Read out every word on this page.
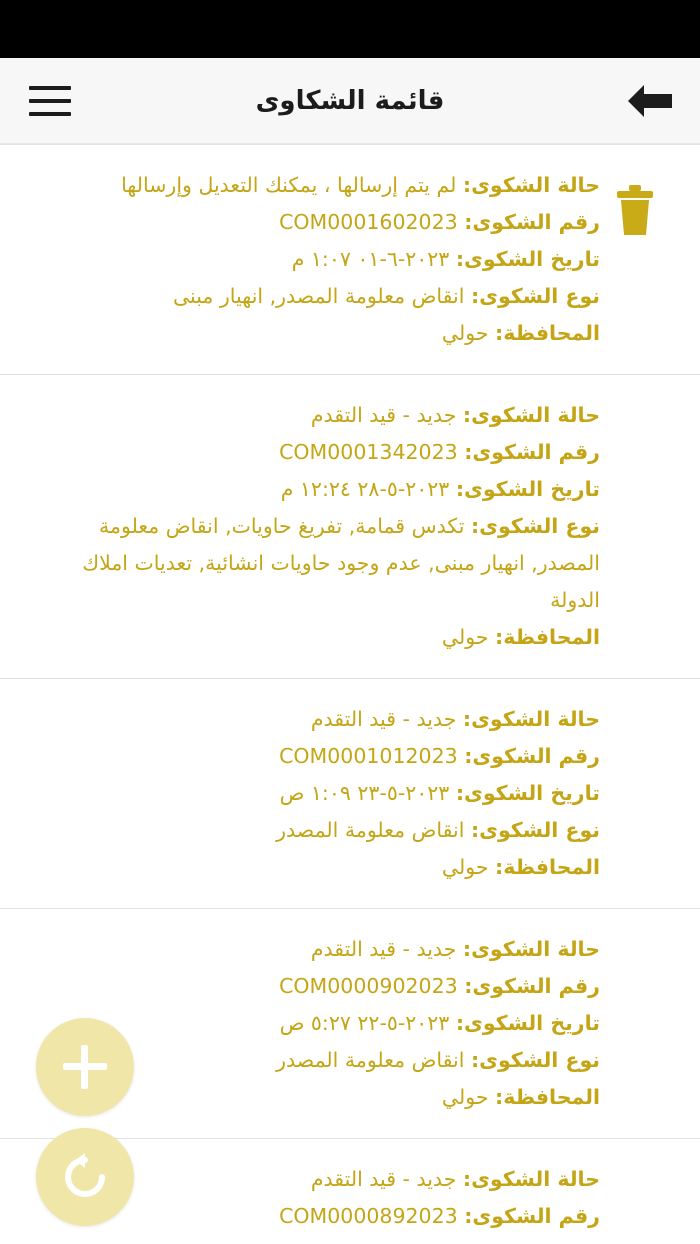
قائمة الشكاوى
حالة الشكوى: لم يتم إرسالها ، يمكنك التعديل وإرسالها
رقم الشكوى: COM0001602023
تاريخ الشكوى: ٢٠٢٣-٦-٠١ ١:٠٧ م
نوع الشكوى: انقاض معلومة المصدر, انهيار مبنى
المحافظة: حولي
حالة الشكوى: جديد - قيد التقدم
رقم الشكوى: COM0001342023
تاريخ الشكوى: ٢٠٢٣-٥-٢٨ ١٢:٢٤ م
نوع الشكوى: تكدس قمامة, تفريغ حاويات, انقاض معلومة المصدر, انهيار مبنى, عدم وجود حاويات انشائية, تعديات املاك الدولة
المحافظة: حولي
حالة الشكوى: جديد - قيد التقدم
رقم الشكوى: COM0001012023
تاريخ الشكوى: ٢٠٢٣-٥-٢٣ ١:٠٩ ص
نوع الشكوى: انقاض معلومة المصدر
المحافظة: حولي
حالة الشكوى: جديد - قيد التقدم
رقم الشكوى: COM0000902023
تاريخ الشكوى: ٢٠٢٣-٥-٢٢ ٥:٢٧ ص
نوع الشكوى: انقاض معلومة المصدر
المحافظة: حولي
حالة الشكوى: جديد - قيد التقدم
رقم الشكوى: COM0000892023
